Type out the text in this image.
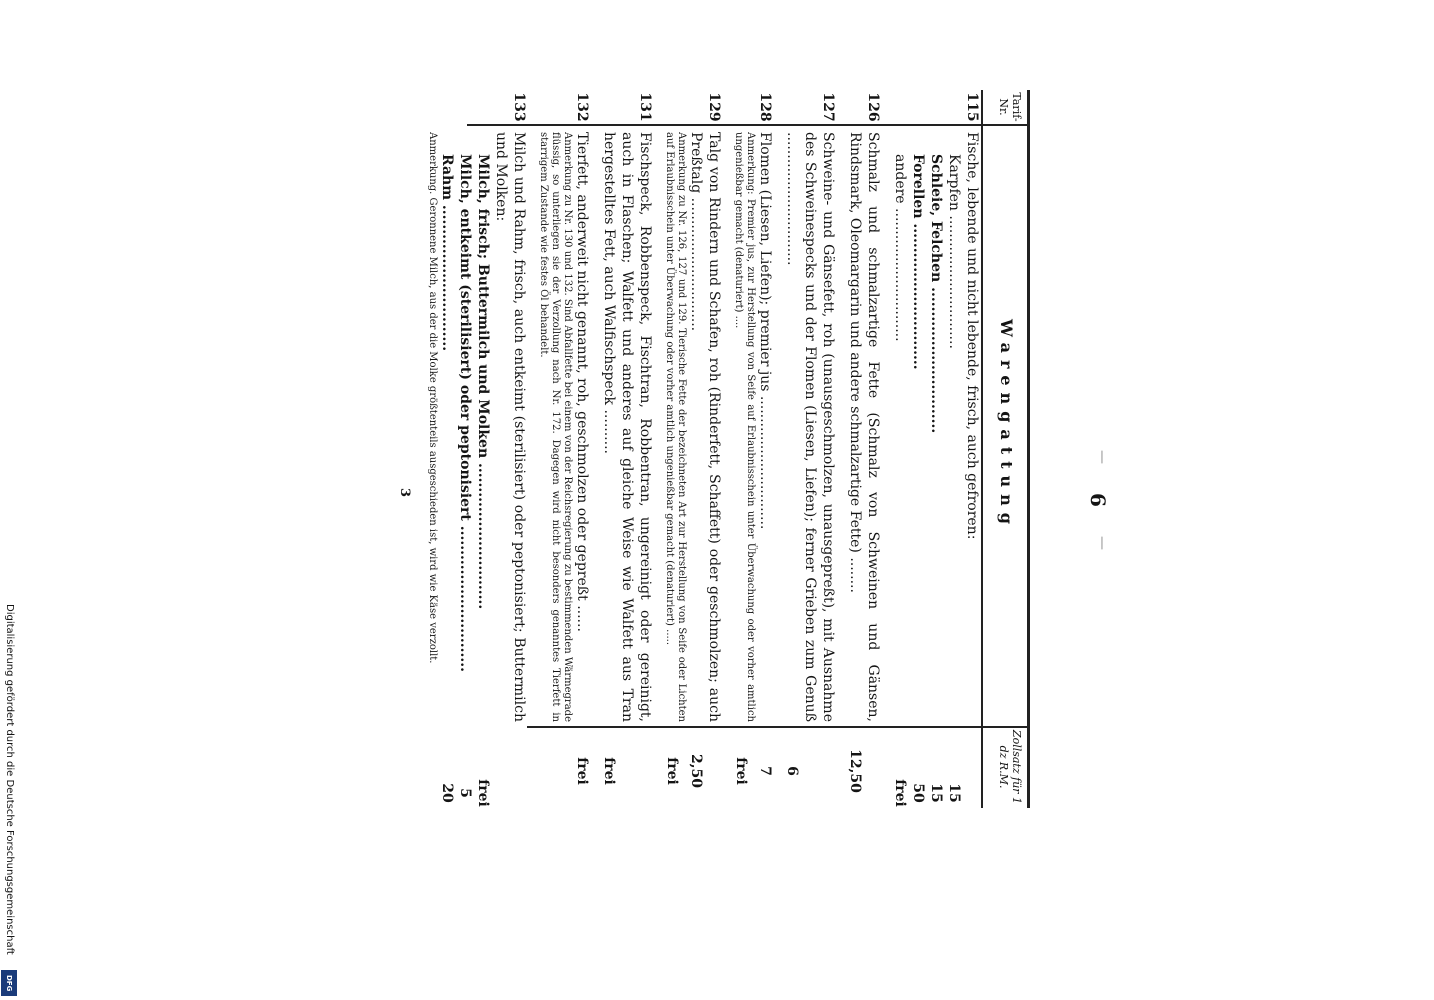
—
6
—
Tarif-Nr.
Warengattung
Zollsatz für 1 dz R.M.
115
Fische, lebende und nicht lebende, frisch, auch gefroren:
Karpfen ..............................
15
Schleie, Felchen ..............................
15
Forellen ..............................
50
andere ..............................
frei
126
Schmalz und schmalzartige Fette (Schmalz von Schweinen und Gänsen, Rindsmark, Oleomargarin und andere schmalzartige Fette) ........
12,50
127
Schweine- und Gänsefett, roh (unausgeschmolzen, unausgepreßt), mit Ausnahme des Schweinespecks und der Flomen (Liesen, Liefen); ferner Grieben zum Genuß ..............................
6
128
Flomen (Liesen, Liefen); premier jus ..............................
7
Anmerkung: Premier jus, zur Herstellung von Seife auf Erlaubnisschein unter Überwachung oder vorher amtlich ungenießbar gemacht (denaturiert) ....
frei
129
Talg von Rindern und Schafen, roh (Rinderfett, Schaffett) oder geschmolzen; auch Preßtalg ..............................
2,50
Anmerkung zu Nr. 126, 127 und 129. Tierische Fette der bezeichneten Art zur Herstellung von Seife oder Lichten auf Erlaubnisschein unter Überwachung oder vorher amtlich ungenießbar gemacht (denaturiert) .....
frei
131
Fischspeck, Robbenspeck, Fischtran, Robbentran, ungereinigt oder gereinigt, auch in Flaschen; Walfett und anderes auf gleiche Weise wie Walfett aus Tran hergestelltes Fett, auch Walfischspeck ..........
frei
132
Tierfett, anderweit nicht genannt, roh, geschmolzen oder gepreßt ......
frei
Anmerkung zu Nr. 130 und 132. Sind Abfallfette bei einem von der Reichsregierung zu bestimmenden Wärmegrade flüssig, so unterliegen sie der Verzollung nach Nr. 172. Dagegen wird nicht besonders genanntes Tierfett in starrigem Zustande wie festes Öl behandelt.
133
Milch und Rahm, frisch, auch entkeimt (sterilisiert) oder peptonisiert; Buttermilch und Molken:
Milch, frisch; Buttermilch und Molken ..............................
frei
Milch, entkeimt (sterilisiert) oder peptonisiert ..............................
5
Rahm ..............................
20
Anmerkung. Geronnene Milch, aus der die Molke größtenteils ausgeschieden ist, wird wie Käse verzollt.
3
Digitalisierung gefördert durch die Deutsche Forschungsgemeinschaft
DFG
